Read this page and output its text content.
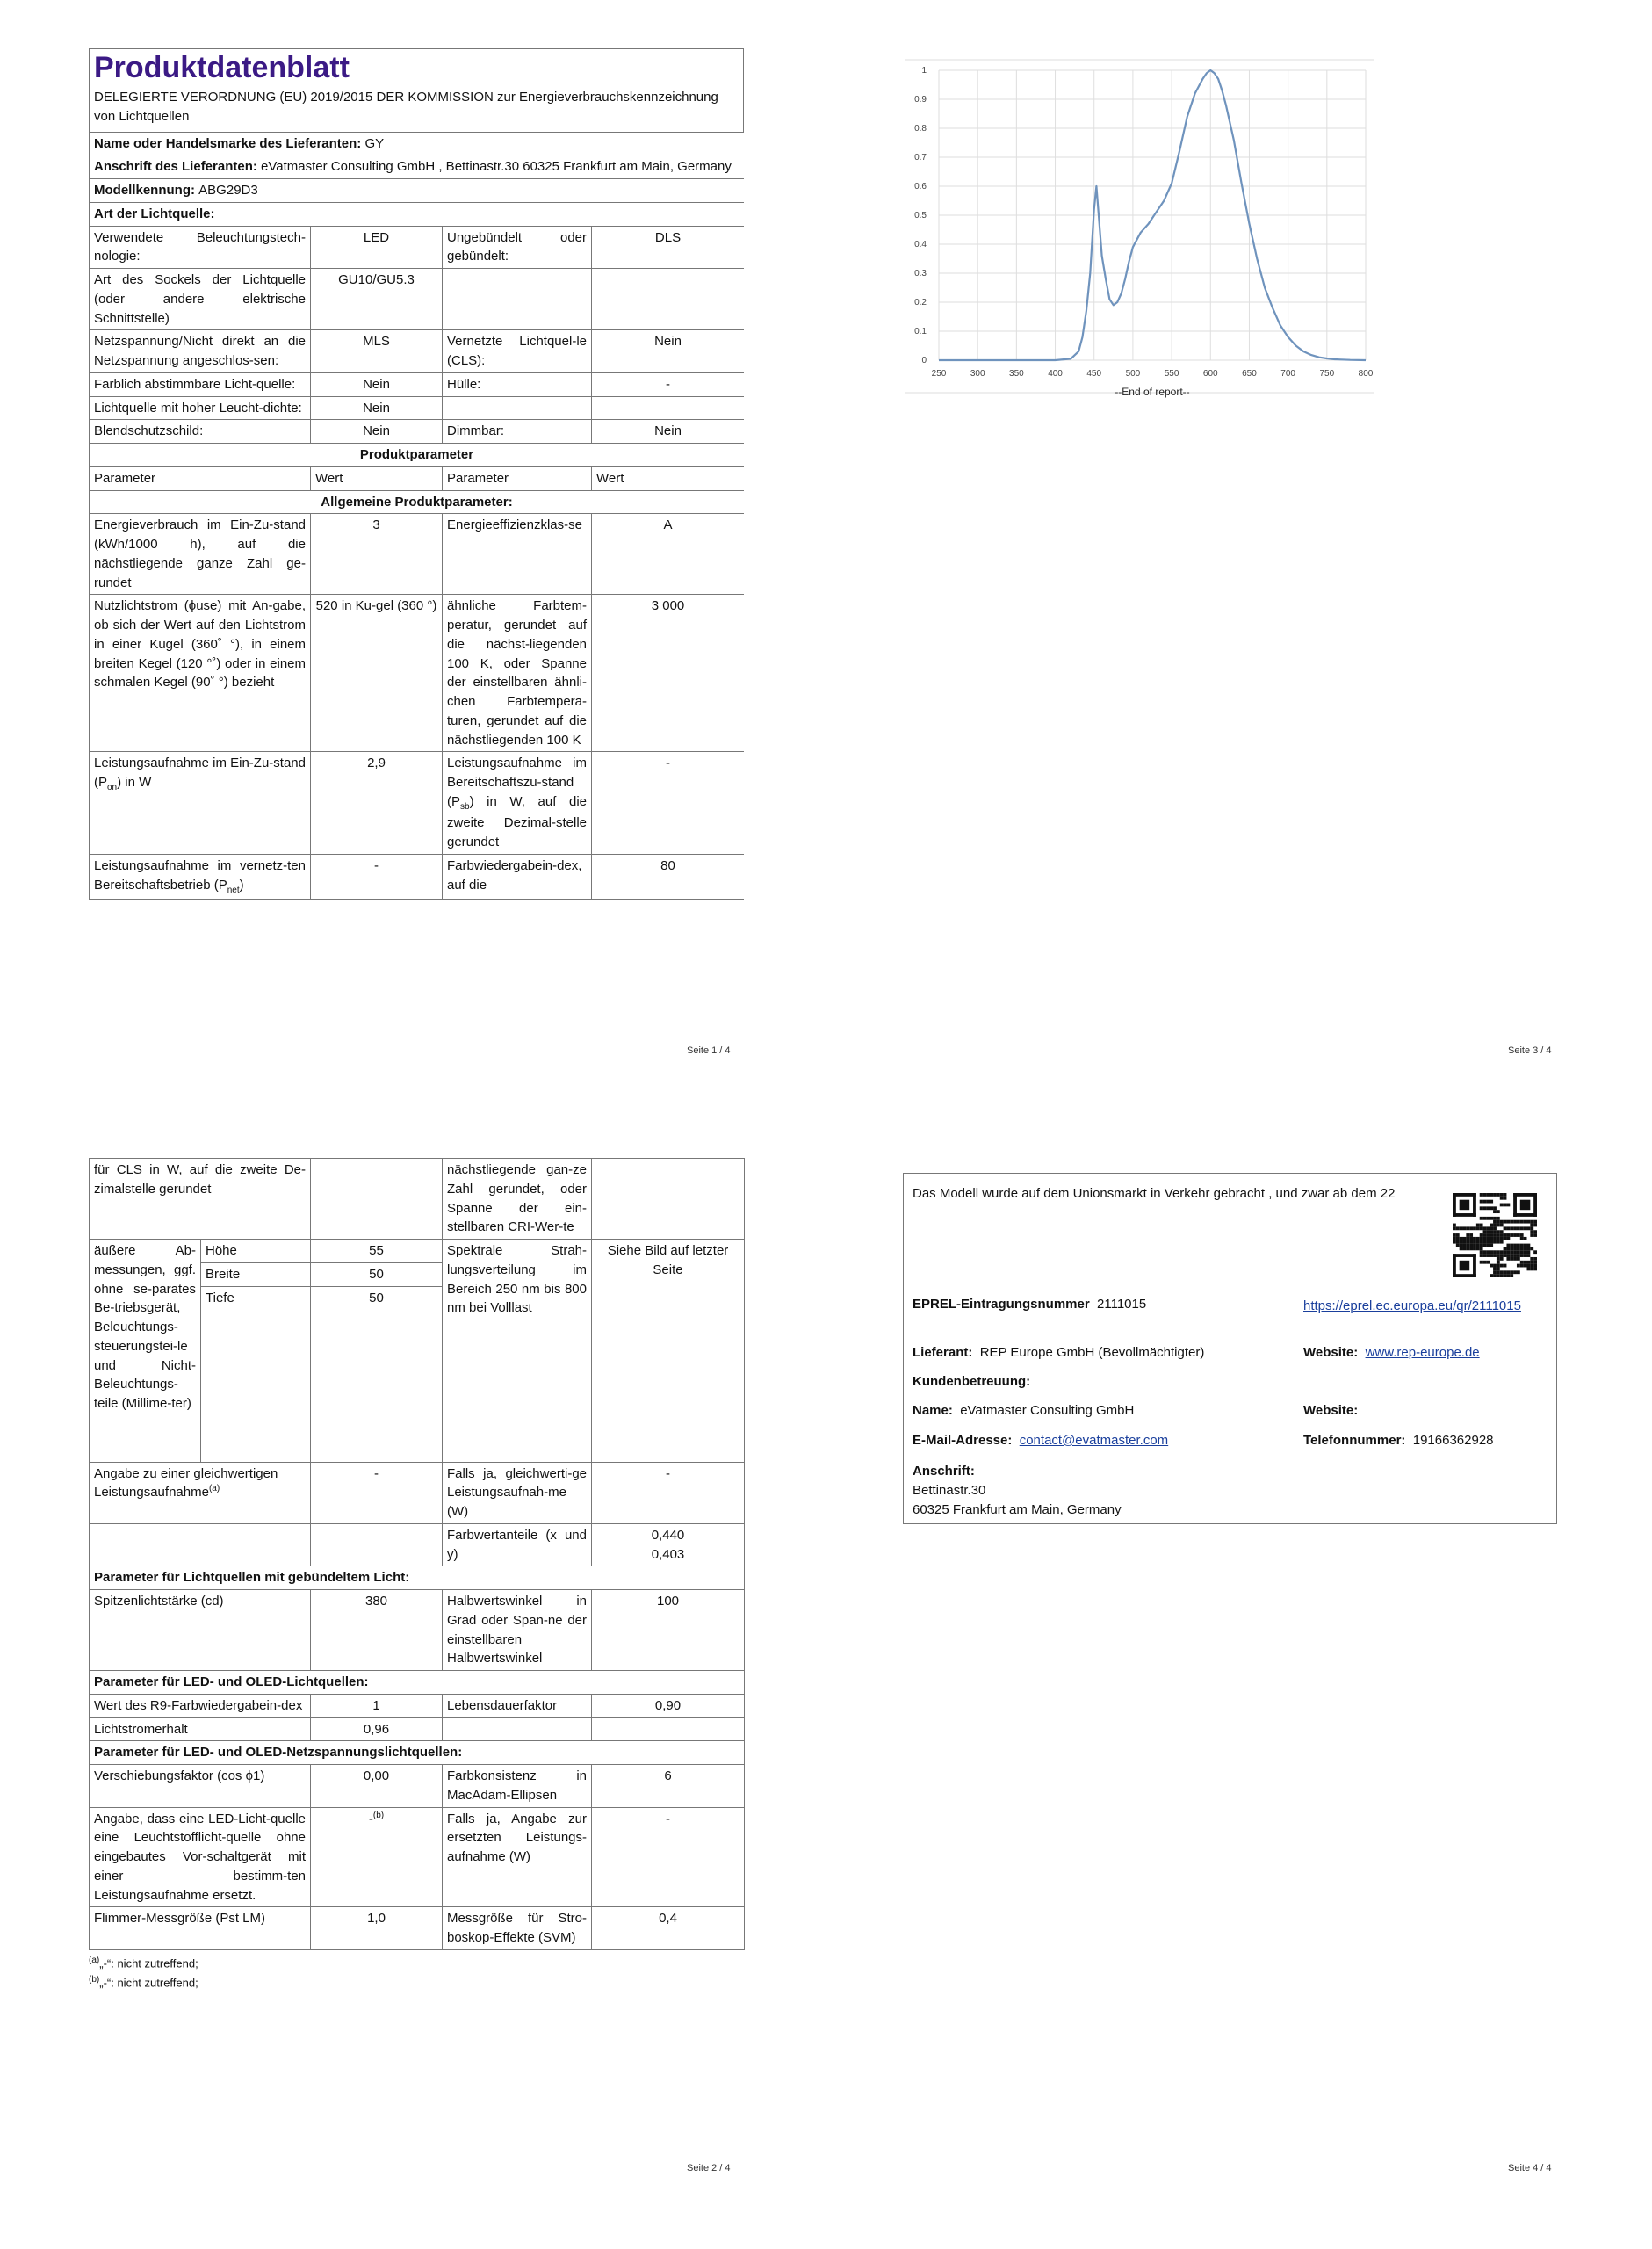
Produktdatenblatt
DELEGIERTE VERORDNUNG (EU) 2019/2015 DER KOMMISSION zur Energieverbrauchskennzeichnung von Lichtquellen
Name oder Handelsmarke des Lieferanten: GY			
Anschrift des Lieferanten: eVatmaster Consulting GmbH , Bettinastr.30 60325 Frankfurt am Main, Germany			
Modellkennung: ABG29D3			
Art der Lichtquelle:			
Verwendete Beleuchtungstech-nologie:	LED	Ungebündelt oder gebündelt:	DLS
Art des Sockels der Lichtquelle (oder andere elektrische Schnittstelle)	GU10/GU5.3		
Netzspannung/Nicht direkt an die Netzspannung angeschlos-sen:	MLS	Vernetzte Lichtquel-le (CLS):	Nein
Farblich abstimmbare Licht-quelle:	Nein	Hülle:	-
Lichtquelle mit hoher Leucht-dichte:	Nein		
Blendschutzschild:	Nein	Dimmbar:	Nein
Produktparameter			
Parameter	Wert	Parameter	Wert
Allgemeine Produktparameter:			
Energieverbrauch im Ein-Zu-stand (kWh/1000 h), auf die nächstliegende ganze Zahl ge-rundet	3	Energieeffizienzklas-se	A
Nutzlichtstrom (ϕuse) mit An-gabe, ob sich der Wert auf den Lichtstrom in einer Kugel (360˚ °), in einem breiten Kegel (120 °˚) oder in einem schmalen Kegel (90˚ °) bezieht	520 in Ku-gel (360 °)	ähnliche Farbtem-peratur, gerundet auf die nächst-liegenden 100 K, oder Spanne der einstellbaren ähnli-chen Farbtempera-turen, gerundet auf die nächstliegenden 100 K	3 000
Leistungsaufnahme im Ein-Zu-stand $(P_{on})$ in W	2,9	Leistungsaufnahme im Bereitschaftszu-stand $(P_{sb})$ in W, auf die zweite Dezimal-stelle gerundet	-
Leistungsaufnahme im vernetz-ten Bereitschaftsbetrieb $(P_{net})$	-	Farbwiedergabein-dex, auf die	80
Seite 1 / 4
für CLS in W, auf die zweite De-zimalstelle gerundet			nächstliegende gan-ze Zahl gerundet, oder Spanne der ein-stellbaren CRI-Wer-te	
äußere Ab-messungen, ggf. ohne se-parates Be-triebsgerät, Beleuchtungs-steuerungstei-le und Nicht-Beleuchtungs-teile (Millime-ter)	Höhe	55	Spektrale Strah-lungsverteilung im Bereich 250 nm bis 800 nm bei Volllast	Siehe Bild auf letzter Seite
	Breite	50		
	Tiefe	50		
Angabe zu einer gleichwertigen Leistungsaufnahme$^{(a)}$		-	Falls ja, gleichwerti-ge Leistungsaufnah-me (W)	-
			Farbwertanteile (x und y)	0,440
0,403

Parameter für Lichtquellen mit gebündeltem Licht:				
Spitzenlichtstärke (cd)		380	Halbwertswinkel in Grad oder Span-ne der einstellbaren Halbwertswinkel	100
Parameter für LED- und OLED-Lichtquellen:				
Wert des R9-Farbwiedergabein-dex		1	Lebensdauerfaktor	0,90
Lichtstromerhalt		0,96		
Parameter für LED- und OLED-Netzspannungslichtquellen:				
Verschiebungsfaktor (cos ϕ1)		0,00	Farbkonsistenz in MacAdam-Ellipsen	6
Angabe, dass eine LED-Licht-quelle eine Leuchtstofflicht-quelle ohne eingebautes Vor-schaltgerät mit einer bestimm-ten Leistungsaufnahme ersetzt.		-$^{(b)}$	Falls ja, Angabe zur ersetzten Leistungs-aufnahme (W)	-
Flimmer-Messgröße (Pst LM)		1,0	Messgröße für Stro-boskop-Effekte (SVM)	0,4
$^{(a)}$„-“: nicht zutreffend;
$^{(b)}$„-“: nicht zutreffend;
Seite 2 / 4
250	300	350	400	450	500	550	600	650	700	750	800
0
0.1
0.2
0.3
0.4
0.5
0.6
0.7
0.8
0.9
1
--End of report--
Seite 3 / 4
Das Modell wurde auf dem Unionsmarkt in Verkehr gebracht , und zwar ab dem 22
EPREL-Eintragungsnummer 2111015	https://eprel.ec.europa.eu/qr/2111015
Lieferant: REP Europe GmbH (Bevollmächtigter)	Website: www.rep-europe.de
Kundenbetreuung:
Name: eVatmaster Consulting GmbH	Website:
E-Mail-Adresse: contact@evatmaster.com	Telefonnummer: 19166362928
Anschrift:
Bettinastr.30
60325 Frankfurt am Main, Germany
Seite 4 / 4
